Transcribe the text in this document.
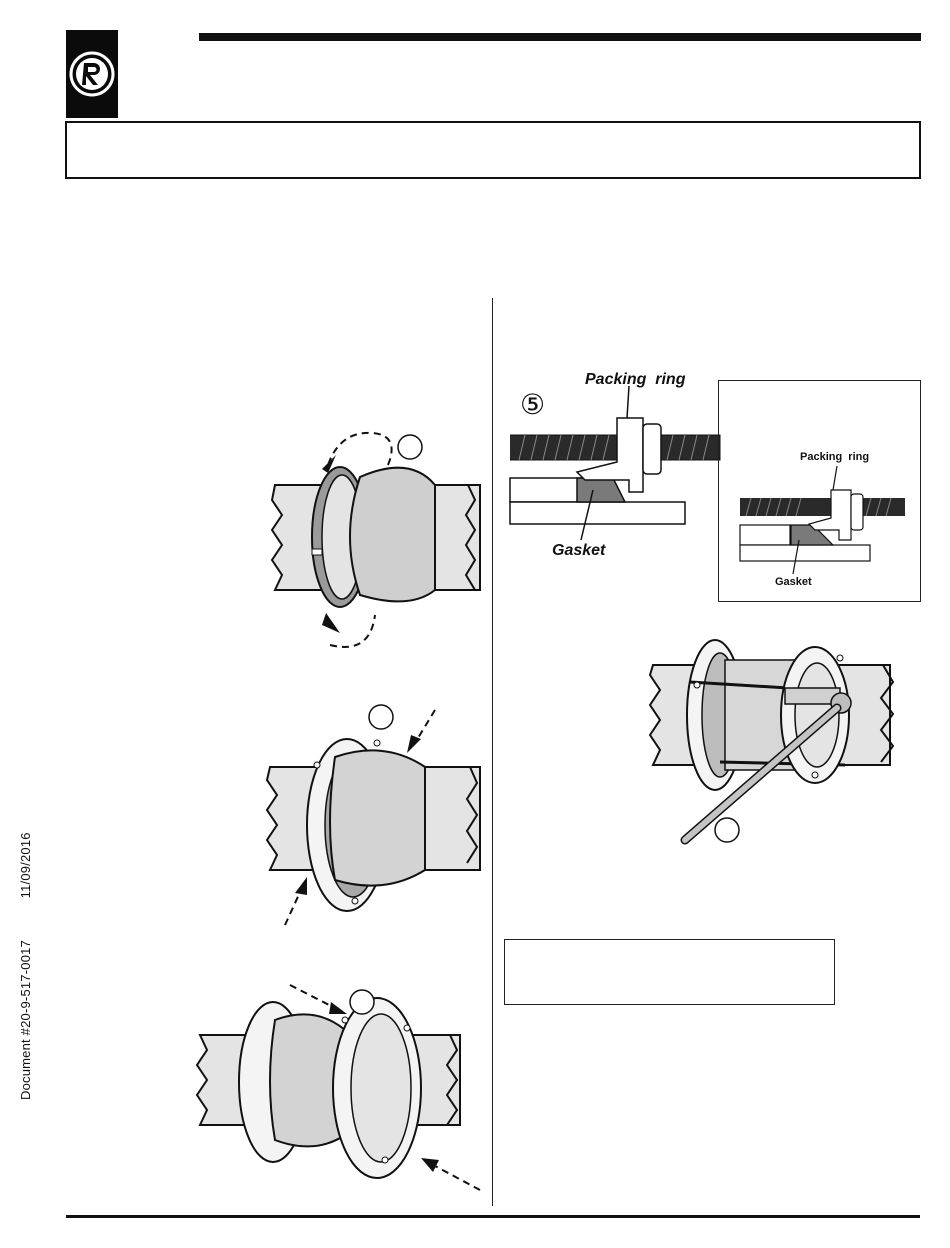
Document #20-9-517-0017  11/09/2016
⑤
Packing  ring
Gasket
Packing  ring
Gasket
